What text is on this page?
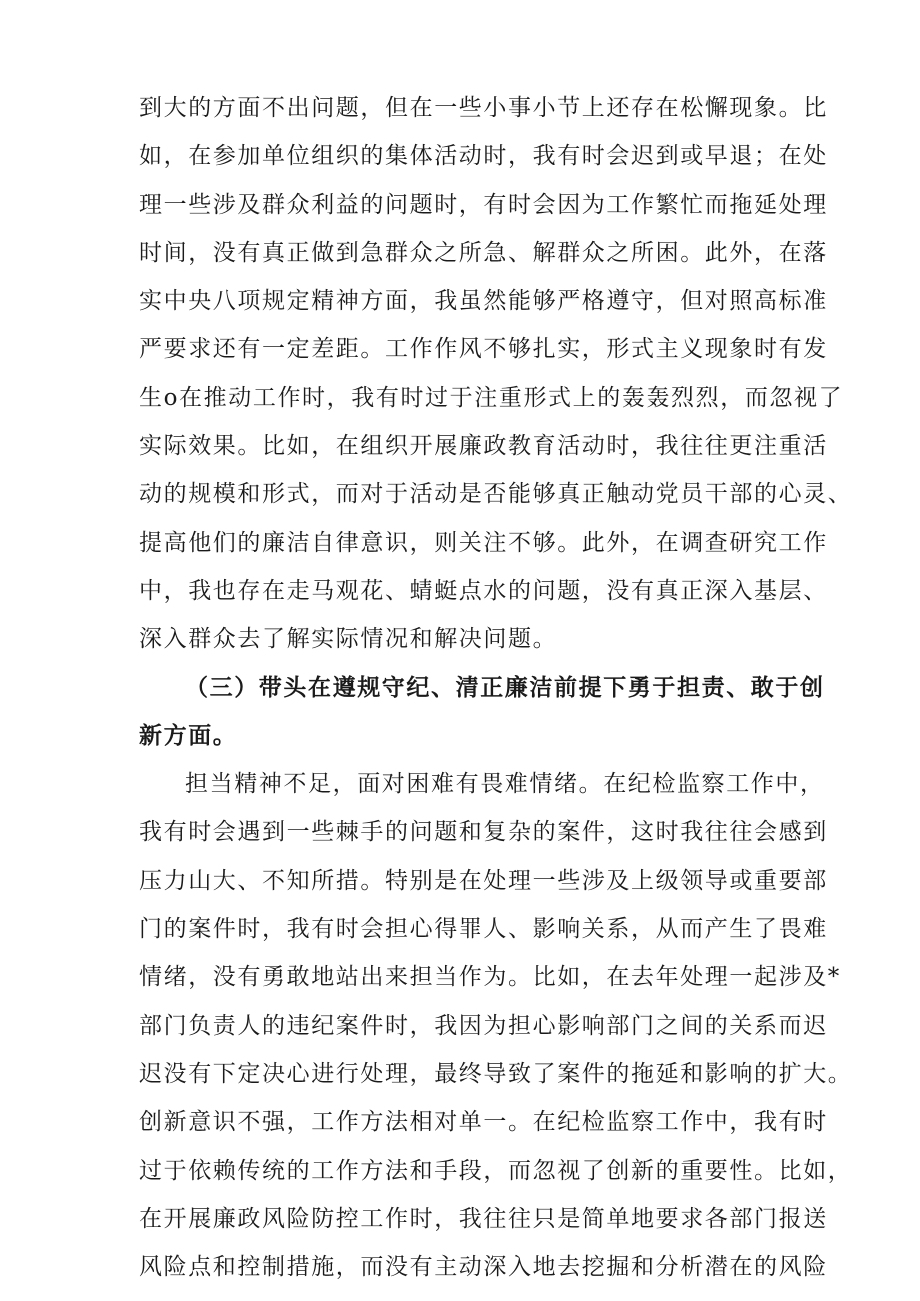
到大的方面不出问题，但在一些小事小节上还存在松懈现象。比
如，在参加单位组织的集体活动时，我有时会迟到或早退；在处
理一些涉及群众利益的问题时，有时会因为工作繁忙而拖延处理
时间，没有真正做到急群众之所急、解群众之所困。此外，在落
实中央八项规定精神方面，我虽然能够严格遵守，但对照高标准
严要求还有一定差距。工作作风不够扎实，形式主义现象时有发
生o在推动工作时，我有时过于注重形式上的轰轰烈烈，而忽视了
实际效果。比如，在组织开展廉政教育活动时，我往往更注重活
动的规模和形式，而对于活动是否能够真正触动党员干部的心灵、
提高他们的廉洁自律意识，则关注不够。此外，在调查研究工作
中，我也存在走马观花、蜻蜓点水的问题，没有真正深入基层、
深入群众去了解实际情况和解决问题。
（三）带头在遵规守纪、清正廉洁前提下勇于担责、敢于创
新方面。
担当精神不足，面对困难有畏难情绪。在纪检监察工作中，
我有时会遇到一些棘手的问题和复杂的案件，这时我往往会感到
压力山大、不知所措。特别是在处理一些涉及上级领导或重要部
门的案件时，我有时会担心得罪人、影响关系，从而产生了畏难
情绪，没有勇敢地站出来担当作为。比如，在去年处理一起涉及*
部门负责人的违纪案件时，我因为担心影响部门之间的关系而迟
迟没有下定决心进行处理，最终导致了案件的拖延和影响的扩大。
创新意识不强，工作方法相对单一。在纪检监察工作中，我有时
过于依赖传统的工作方法和手段，而忽视了创新的重要性。比如，
在开展廉政风险防控工作时，我往往只是简单地要求各部门报送
风险点和控制措施，而没有主动深入地去挖掘和分析潜在的风险
